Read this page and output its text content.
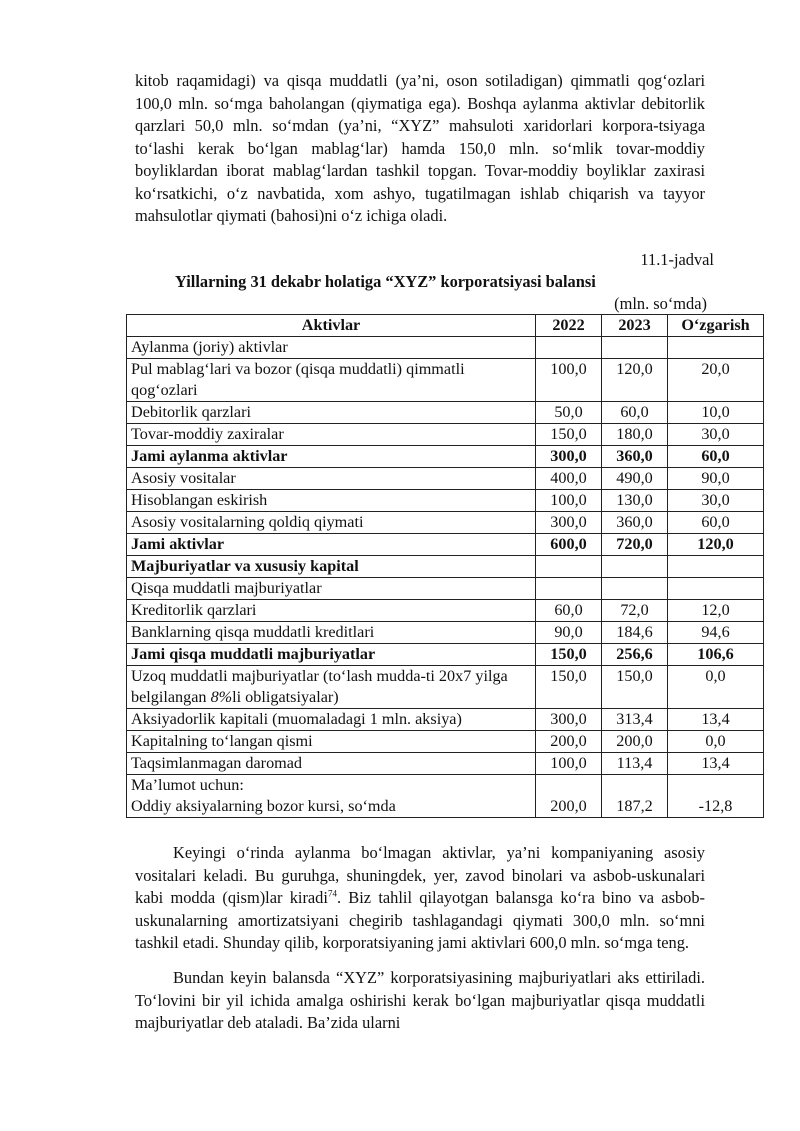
kitob raqamidagi) va qisqa muddatli (ya’ni, oson sotiladigan) qimmatli qog‘ozlari 100,0 mln. so‘mga baholangan (qiymatiga ega). Boshqa aylanma aktivlar debitorlik qarzlari 50,0 mln. so‘mdan (ya’ni, “XYZ” mahsuloti xaridorlari korpora-tsiyaga to‘lashi kerak bo‘lgan mablag‘lar) hamda 150,0 mln. so‘mlik tovar-moddiy boyliklardan iborat mablag‘lardan tashkil topgan. Tovar-moddiy boyliklar zaxirasi ko‘rsatkichi, o‘z navbatida, xom ashyo, tugatilmagan ishlab chiqarish va tayyor mahsulotlar qiymati (bahosi)ni o‘z ichiga oladi.

11.1-jadval
Yillarning 31 dekabr holatiga “XYZ” korporatsiyasi balansi
(mln. so‘mda)
Aktivlar	2022	2023	O‘zgarish
Aylanma (joriy) aktivlar			
Pul mablag‘lari va bozor (qisqa muddatli) qimmatli qog‘ozlari	100,0	120,0	20,0
Debitorlik qarzlari	50,0	60,0	10,0
Tovar-moddiy zaxiralar	150,0	180,0	30,0
Jami aylanma aktivlar	300,0	360,0	60,0
Asosiy vositalar	400,0	490,0	90,0
Hisoblangan eskirish	100,0	130,0	30,0
Asosiy vositalarning qoldiq qiymati	300,0	360,0	60,0
Jami aktivlar	600,0	720,0	120,0
Majburiyatlar va xususiy kapital			
Qisqa muddatli majburiyatlar			
Kreditorlik qarzlari	60,0	72,0	12,0
Banklarning qisqa muddatli kreditlari	90,0	184,6	94,6
Jami qisqa muddatli majburiyatlar	150,0	256,6	106,6
Uzoq muddatli majburiyatlar (to‘lash mudda-ti 20x7 yilga belgilangan 8%li obligatsiyalar)	150,0	150,0	0,0
Aksiyadorlik kapitali (muomaladagi 1 mln. aksiya)	300,0	313,4	13,4
Kapitalning to‘langan qismi	200,0	200,0	0,0
Taqsimlanmagan daromad	100,0	113,4	13,4

Ma’lumot uchun:
Oddiy aksiyalarning bozor kursi, so‘mda	200,0	187,2	-12,8

Keyingi o‘rinda aylanma bo‘lmagan aktivlar, ya’ni kompaniyaning asosiy vositalari keladi. Bu guruhga, shuningdek, yer, zavod binolari va asbob-uskunalari kabi modda (qism)lar kiradi$^{74}$. Biz tahlil qilayotgan balansga ko‘ra bino va asbob- uskunalarning amortizatsiyani chegirib tashlagandagi qiymati 300,0 mln. so‘mni tashkil etadi. Shunday qilib, korporatsiyaning jami aktivlari 600,0 mln. so‘mga teng.

Bundan keyin balansda “XYZ” korporatsiyasining majburiyatlari aks ettiriladi. To‘lovini bir yil ichida amalga oshirishi kerak bo‘lgan majburiyatlar qisqa muddatli majburiyatlar deb ataladi. Ba’zida ularni
